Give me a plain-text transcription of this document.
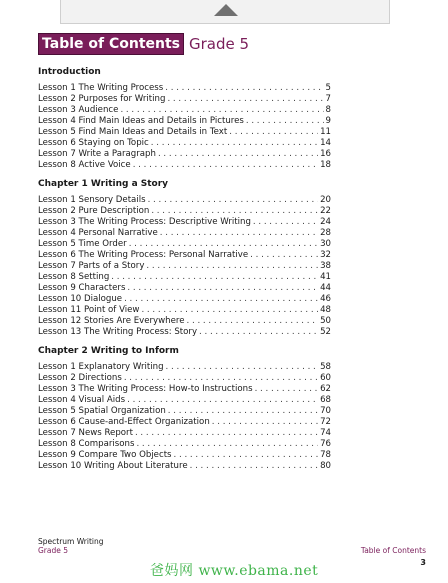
Table of Contents Grade 5
Introduction
Lesson 1 The Writing Process . . .	5
Lesson 2 Purposes for Writing . . .	7
Lesson 3 Audience . . .	8
Lesson 4 Find Main Ideas and Details in Pictures . . .	9
Lesson 5 Find Main Ideas and Details in Text . . .	11
Lesson 6 Staying on Topic . . .	14
Lesson 7 Write a Paragraph . . .	16
Lesson 8 Active Voice . . .	18
Chapter 1 Writing a Story
Lesson 1 Sensory Details . . .	20
Lesson 2 Pure Description . . .	22
Lesson 3 The Writing Process: Descriptive Writing . . .	24
Lesson 4 Personal Narrative . . .	28
Lesson 5 Time Order . . .	30
Lesson 6 The Writing Process: Personal Narrative . . .	32
Lesson 7 Parts of a Story . . .	38
Lesson 8 Setting . . .	41
Lesson 9 Characters . . .	44
Lesson 10 Dialogue . . .	46
Lesson 11 Point of View . . .	48
Lesson 12 Stories Are Everywhere . . .	50
Lesson 13 The Writing Process: Story . . .	52
Chapter 2 Writing to Inform
Lesson 1 Explanatory Writing . . .	58
Lesson 2 Directions . . .	60
Lesson 3 The Writing Process: How-to Instructions . . .	62
Lesson 4 Visual Aids . . .	68
Lesson 5 Spatial Organization . . .	70
Lesson 6 Cause-and-Effect Organization . . .	72
Lesson 7 News Report . . .	74
Lesson 8 Comparisons . . .	76
Lesson 9 Compare Two Objects . . .	78
Lesson 10 Writing About Literature . . .	80
Spectrum Writing
Grade 5	Table of Contents
3
爸妈网 www.ebama.net
